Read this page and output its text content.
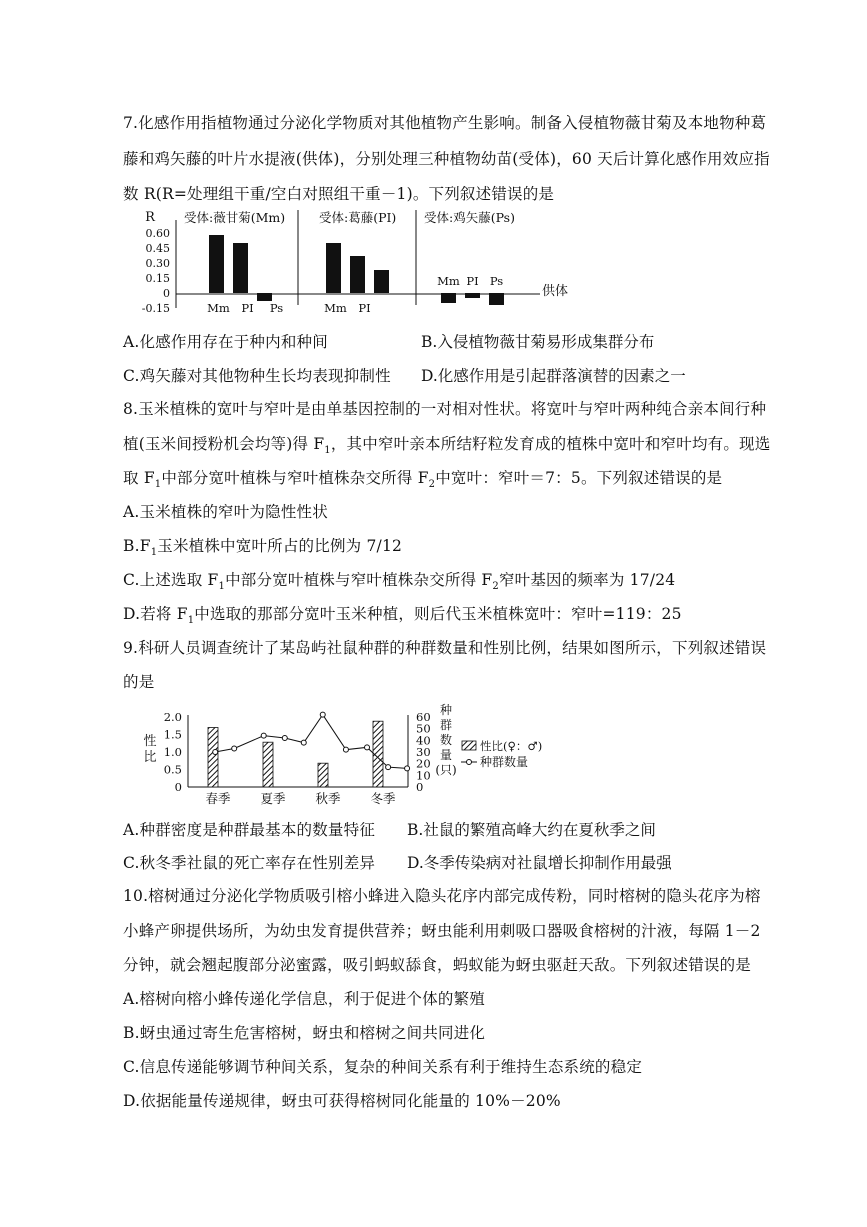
7.化感作用指植物通过分泌化学物质对其他植物产生影响。制备入侵植物薇甘菊及本地物种葛
藤和鸡矢藤的叶片水提液(供体)，分别处理三种植物幼苗(受体)，60 天后计算化感作用效应指
数 R(R=处理组干重/空白对照组干重－1)。下列叙述错误的是
R
0.60
0.45
0.30
0.15
0
-0.15
受体:薇甘菊(Mm)	受体:葛藤(PI) 受体:鸡矢藤(Ps)
Mm PI Ps	Mm PI
Mm PI Ps
供体
A.化感作用存在于种内和种间	B.入侵植物薇甘菊易形成集群分布
C.鸡矢藤对其他物种生长均表现抑制性 D.化感作用是引起群落演替的因素之一
8.玉米植株的宽叶与窄叶是由单基因控制的一对相对性状。将宽叶与窄叶两种纯合亲本间行种
植(玉米间授粉机会均等)得 $F_1$，其中窄叶亲本所结籽粒发育成的植株中宽叶和窄叶均有。现选
取 $F_1$中部分宽叶植株与窄叶植株杂交所得 $F_2$中宽叶：窄叶＝7：5。下列叙述错误的是
A.玉米植株的窄叶为隐性性状
$B.F_1$玉米植株中宽叶所占的比例为 7/12
C.上述选取 $F_1$中部分宽叶植株与窄叶植株杂交所得 $F_2$窄叶基因的频率为 17/24
D.若将 $F_1$中选取的那部分宽叶玉米种植，则后代玉米植株宽叶：窄叶=119：25
9.科研人员调查统计了某岛屿社鼠种群的种群数量和性别比例，结果如图所示，下列叙述错误
的是
性
比
2.0
1.5
1.0
0.5
0
60
50
40
30
20
10
0
种
群
数
量
(只)
春季 夏季 秋季 冬季
性比(♀：♂)
种群数量
A.种群密度是种群最基本的数量特征 B.社鼠的繁殖高峰大约在夏秋季之间
C.秋冬季社鼠的死亡率存在性别差异 D.冬季传染病对社鼠增长抑制作用最强
10.榕树通过分泌化学物质吸引榕小蜂进入隐头花序内部完成传粉，同时榕树的隐头花序为榕
小蜂产卵提供场所，为幼虫发育提供营养；蚜虫能利用刺吸口器吸食榕树的汁液，每隔 1－2
分钟，就会翘起腹部分泌蜜露，吸引蚂蚁舔食，蚂蚁能为蚜虫驱赶天敌。下列叙述错误的是
A.榕树向榕小蜂传递化学信息，利于促进个体的繁殖
B.蚜虫通过寄生危害榕树，蚜虫和榕树之间共同进化
C.信息传递能够调节种间关系，复杂的种间关系有利于维持生态系统的稳定
D.依据能量传递规律，蚜虫可获得榕树同化能量的 10%－20%
